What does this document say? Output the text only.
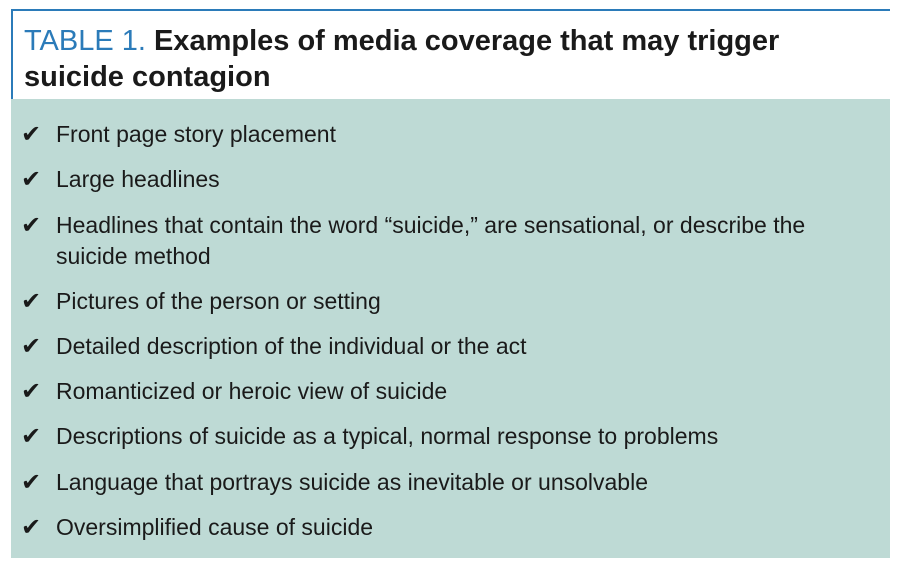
TABLE 1. Examples of media coverage that may trigger suicide contagion
✔ Front page story placement
✔ Large headlines
✔ Headlines that contain the word “suicide,” are sensational, or describe the suicide method
✔ Pictures of the person or setting
✔ Detailed description of the individual or the act
✔ Romanticized or heroic view of suicide
✔ Descriptions of suicide as a typical, normal response to problems
✔ Language that portrays suicide as inevitable or unsolvable
✔ Oversimplified cause of suicide
